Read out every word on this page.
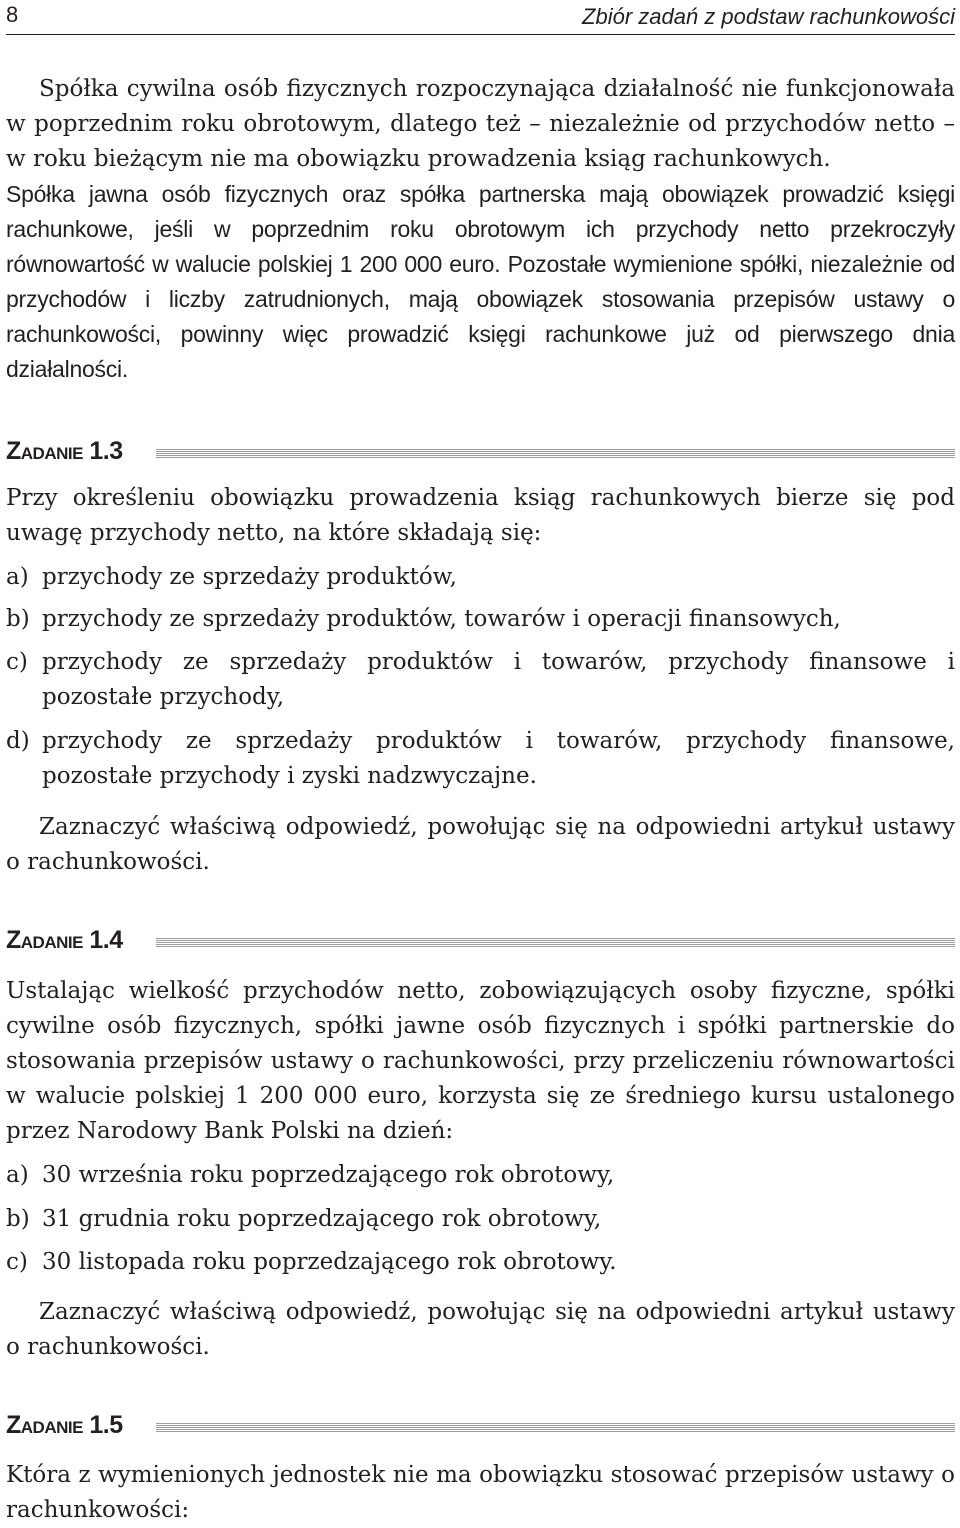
8	Zbiór zadań z podstaw rachunkowości

Spółka cywilna osób fizycznych rozpoczynająca działalność nie funkcjonowała w poprzednim roku obrotowym, dlatego też – niezależnie od przychodów netto – w roku bieżącym nie ma obowiązku prowadzenia ksiąg rachunkowych.

Spółka jawna osób fizycznych oraz spółka partnerska mają obowiązek prowadzić księgi rachunkowe, jeśli w poprzednim roku obrotowym ich przychody netto przekroczyły równowartość w walucie polskiej 1 200 000 euro. Pozostałe wymienione spółki, niezależnie od przychodów i liczby zatrudnionych, mają obowiązek stosowania przepisów ustawy o rachunkowości, powinny więc prowadzić księgi rachunkowe już od pierwszego dnia działalności.

ZADANIE 1.3

Przy określeniu obowiązku prowadzenia ksiąg rachunkowych bierze się pod uwagę przychody netto, na które składają się:

a) przychody ze sprzedaży produktów,
b) przychody ze sprzedaży produktów, towarów i operacji finansowych,
c) przychody ze sprzedaży produktów i towarów, przychody finansowe i pozostałe przychody,
d) przychody ze sprzedaży produktów i towarów, przychody finansowe, pozostałe przychody i zyski nadzwyczajne.

Zaznaczyć właściwą odpowiedź, powołując się na odpowiedni artykuł ustawy o rachunkowości.

ZADANIE 1.4

Ustalając wielkość przychodów netto, zobowiązujących osoby fizyczne, spółki cywilne osób fizycznych, spółki jawne osób fizycznych i spółki partnerskie do stosowania przepisów ustawy o rachunkowości, przy przeliczeniu równowartości w walucie polskiej 1 200 000 euro, korzysta się ze średniego kursu ustalonego przez Narodowy Bank Polski na dzień:

a) 30 września roku poprzedzającego rok obrotowy,
b) 31 grudnia roku poprzedzającego rok obrotowy,
c) 30 listopada roku poprzedzającego rok obrotowy.

Zaznaczyć właściwą odpowiedź, powołując się na odpowiedni artykuł ustawy o rachunkowości.

ZADANIE 1.5

Która z wymienionych jednostek nie ma obowiązku stosować przepisów ustawy o rachunkowości:
